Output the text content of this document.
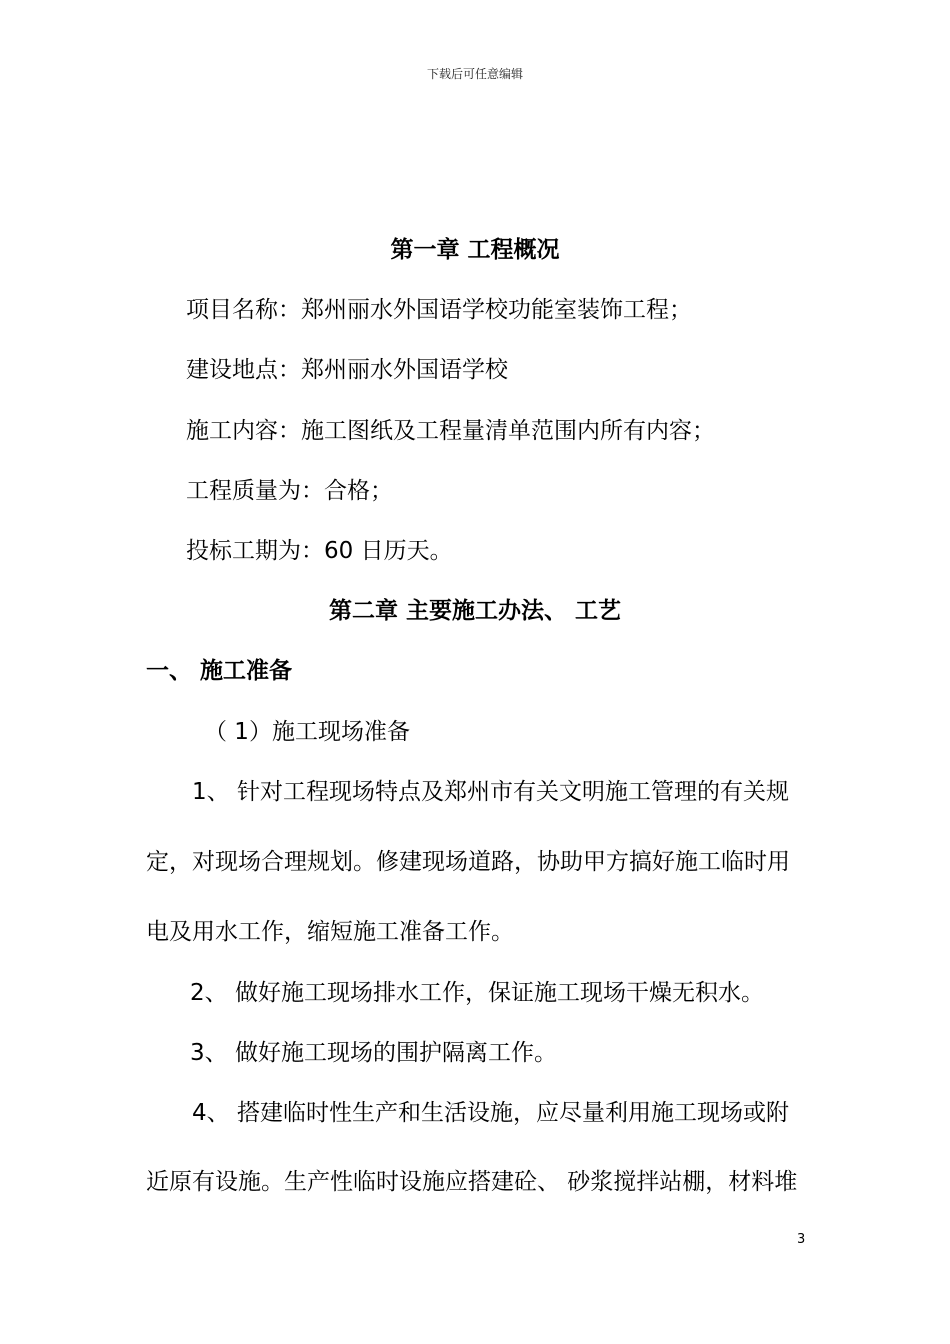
下载后可任意编辑
第一章 工程概况
项目名称：郑州丽水外国语学校功能室装饰工程；
建设地点：郑州丽水外国语学校
施工内容：施工图纸及工程量清单范围内所有内容；
工程质量为：合格；
投标工期为：60 日历天。
第二章 主要施工办法、 工艺
一、 施工准备
（ 1）施工现场准备
1、 针对工程现场特点及郑州市有关文明施工管理的有关规
定，对现场合理规划。修建现场道路，协助甲方搞好施工临时用
电及用水工作，缩短施工准备工作。
2、 做好施工现场排水工作，保证施工现场干燥无积水。
3、 做好施工现场的围护隔离工作。
4、 搭建临时性生产和生活设施，应尽量利用施工现场或附
近原有设施。生产性临时设施应搭建砼、 砂浆搅拌站棚，材料堆
3
